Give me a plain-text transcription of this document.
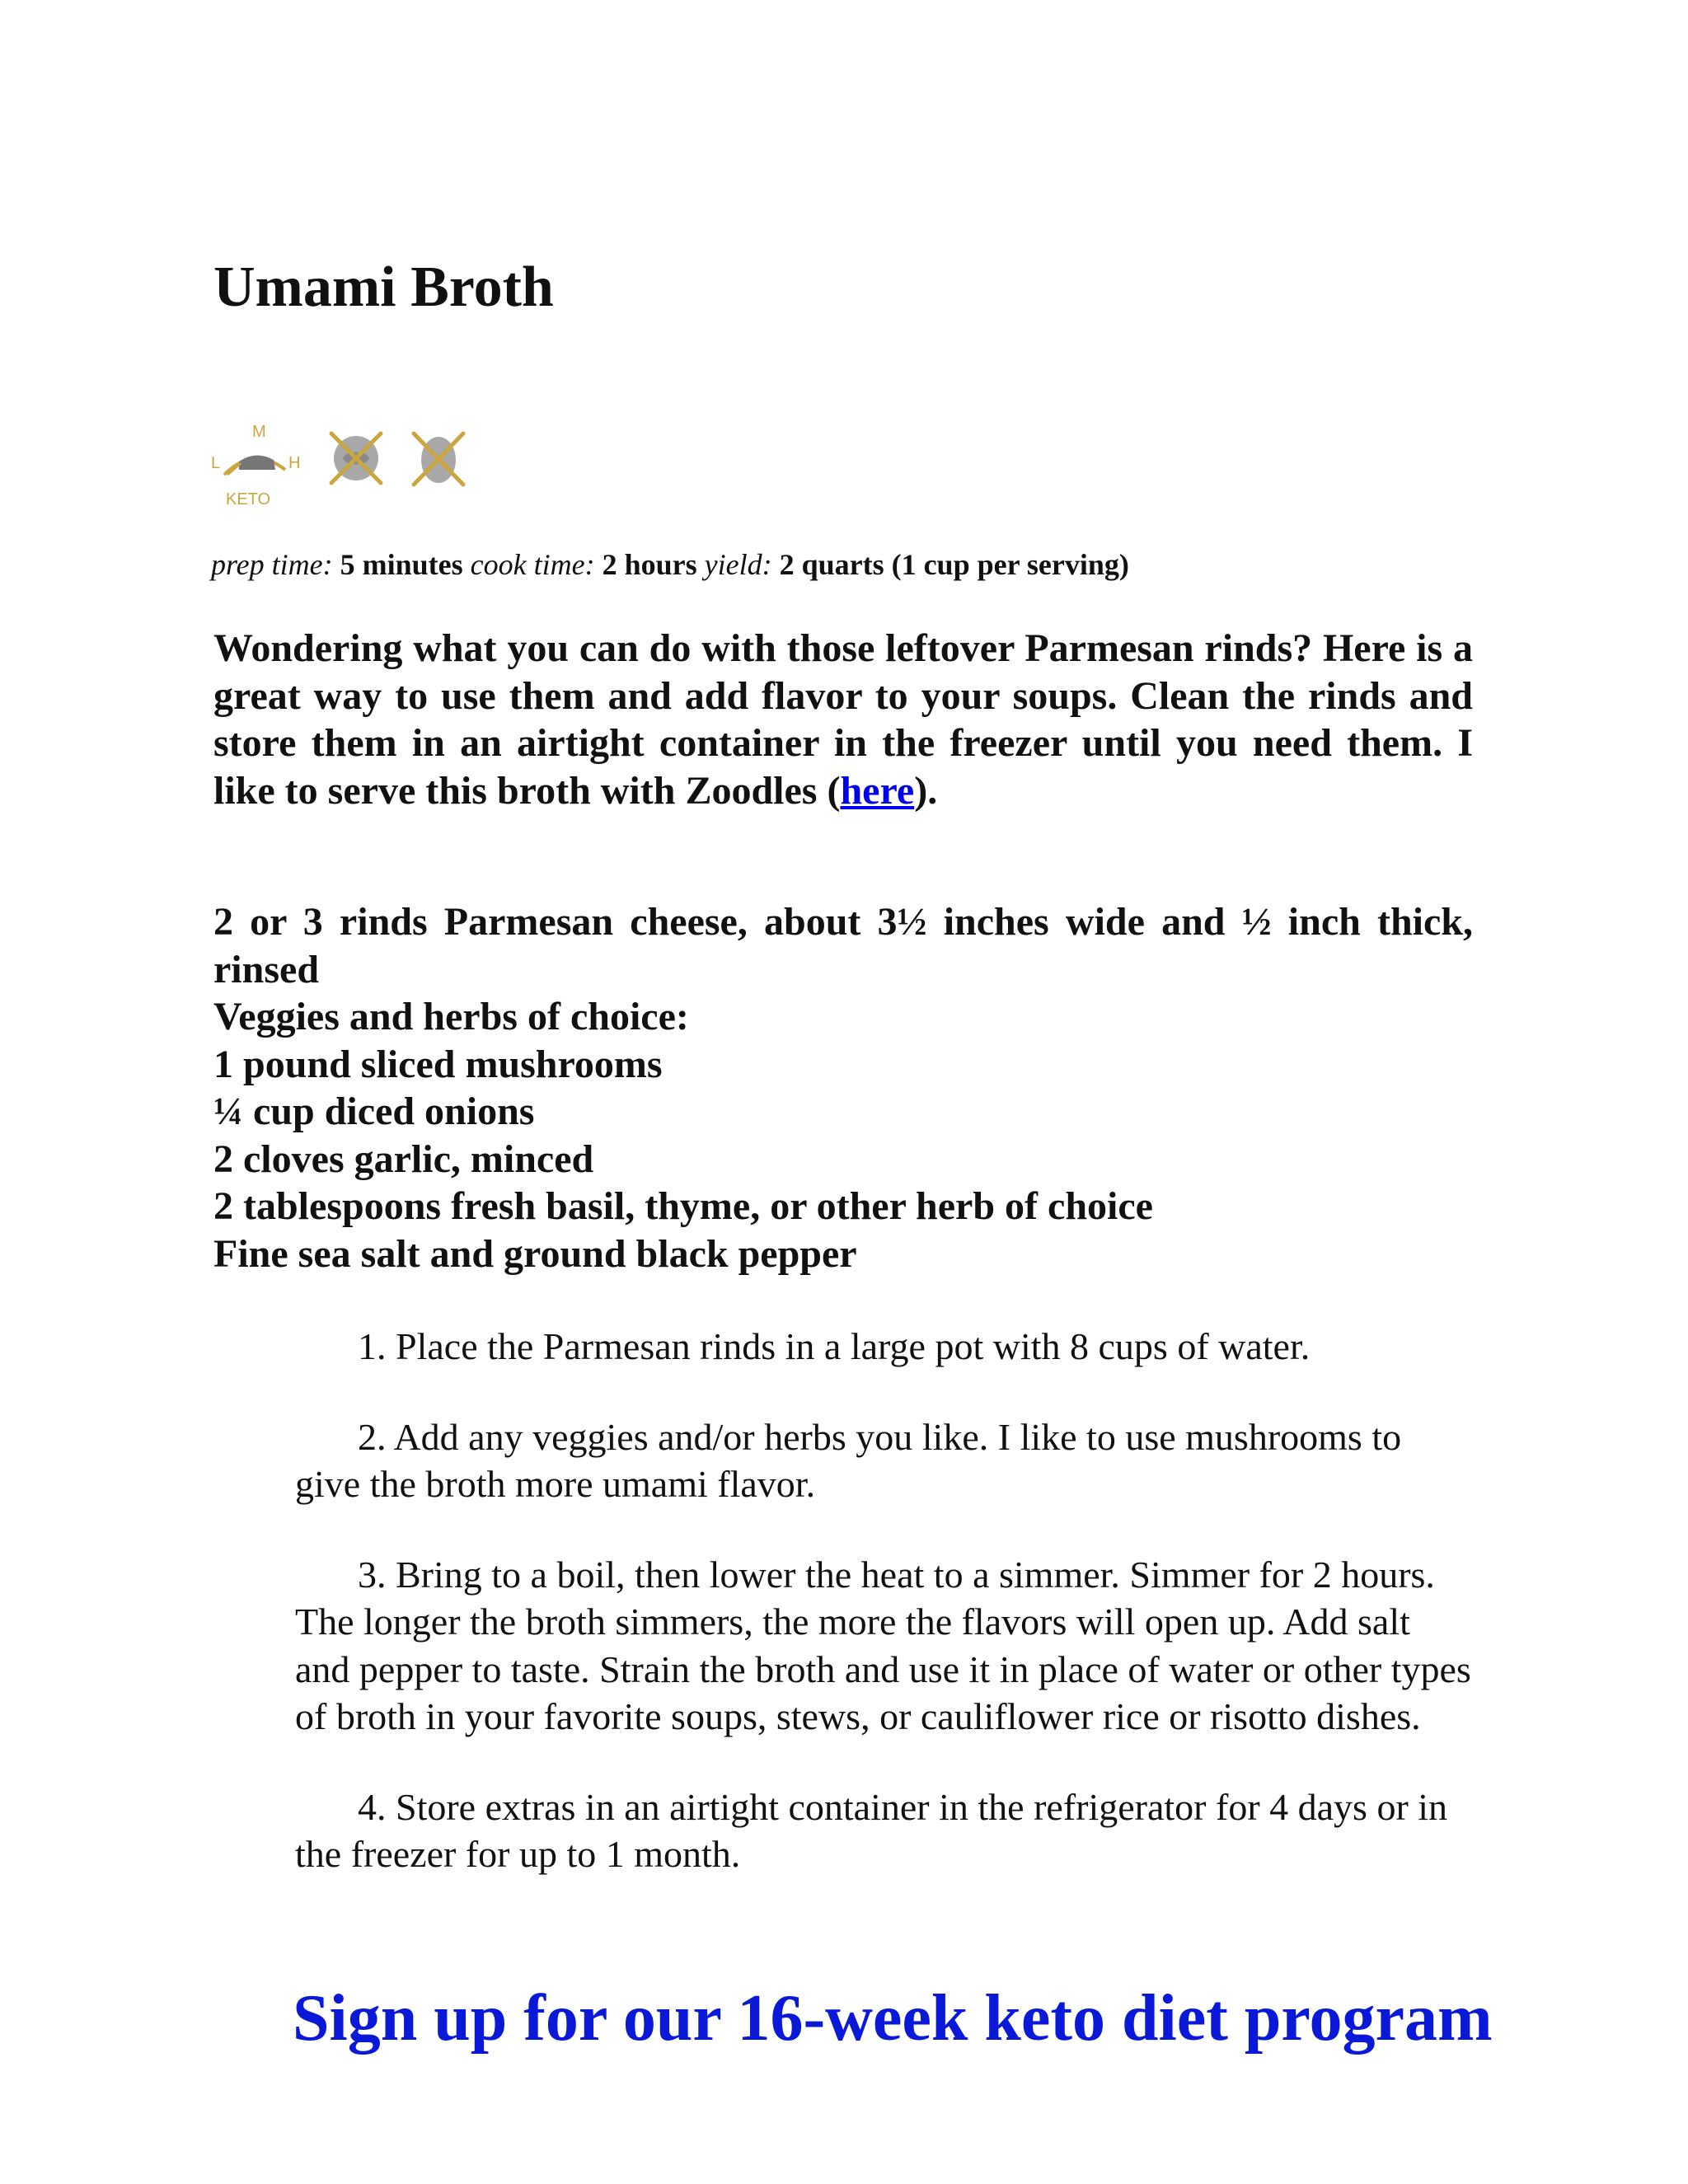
Umami Broth
M
L	H
KETO
prep time: 5 minutes cook time: 2 hours yield: 2 quarts (1 cup per serving)

Wondering what you can do with those leftover Parmesan rinds? Here is a great way to use them and add flavor to your soups. Clean the rinds and store them in an airtight container in the freezer until you need them. I like to serve this broth with Zoodles (here).

2 or 3 rinds Parmesan cheese, about 3½ inches wide and ½ inch thick, rinsed
Veggies and herbs of choice:
1 pound sliced mushrooms
¼ cup diced onions
2 cloves garlic, minced
2 tablespoons fresh basil, thyme, or other herb of choice
Fine sea salt and ground black pepper
1. Place the Parmesan rinds in a large pot with 8 cups of water.
2. Add any veggies and/or herbs you like. I like to use mushrooms to give the broth more umami flavor.
3. Bring to a boil, then lower the heat to a simmer. Simmer for 2 hours. The longer the broth simmers, the more the flavors will open up. Add salt and pepper to taste. Strain the broth and use it in place of water or other types of broth in your favorite soups, stews, or cauliflower rice or risotto dishes.
4. Store extras in an airtight container in the refrigerator for 4 days or in the freezer for up to 1 month.
Sign up for our 16-week keto diet program
